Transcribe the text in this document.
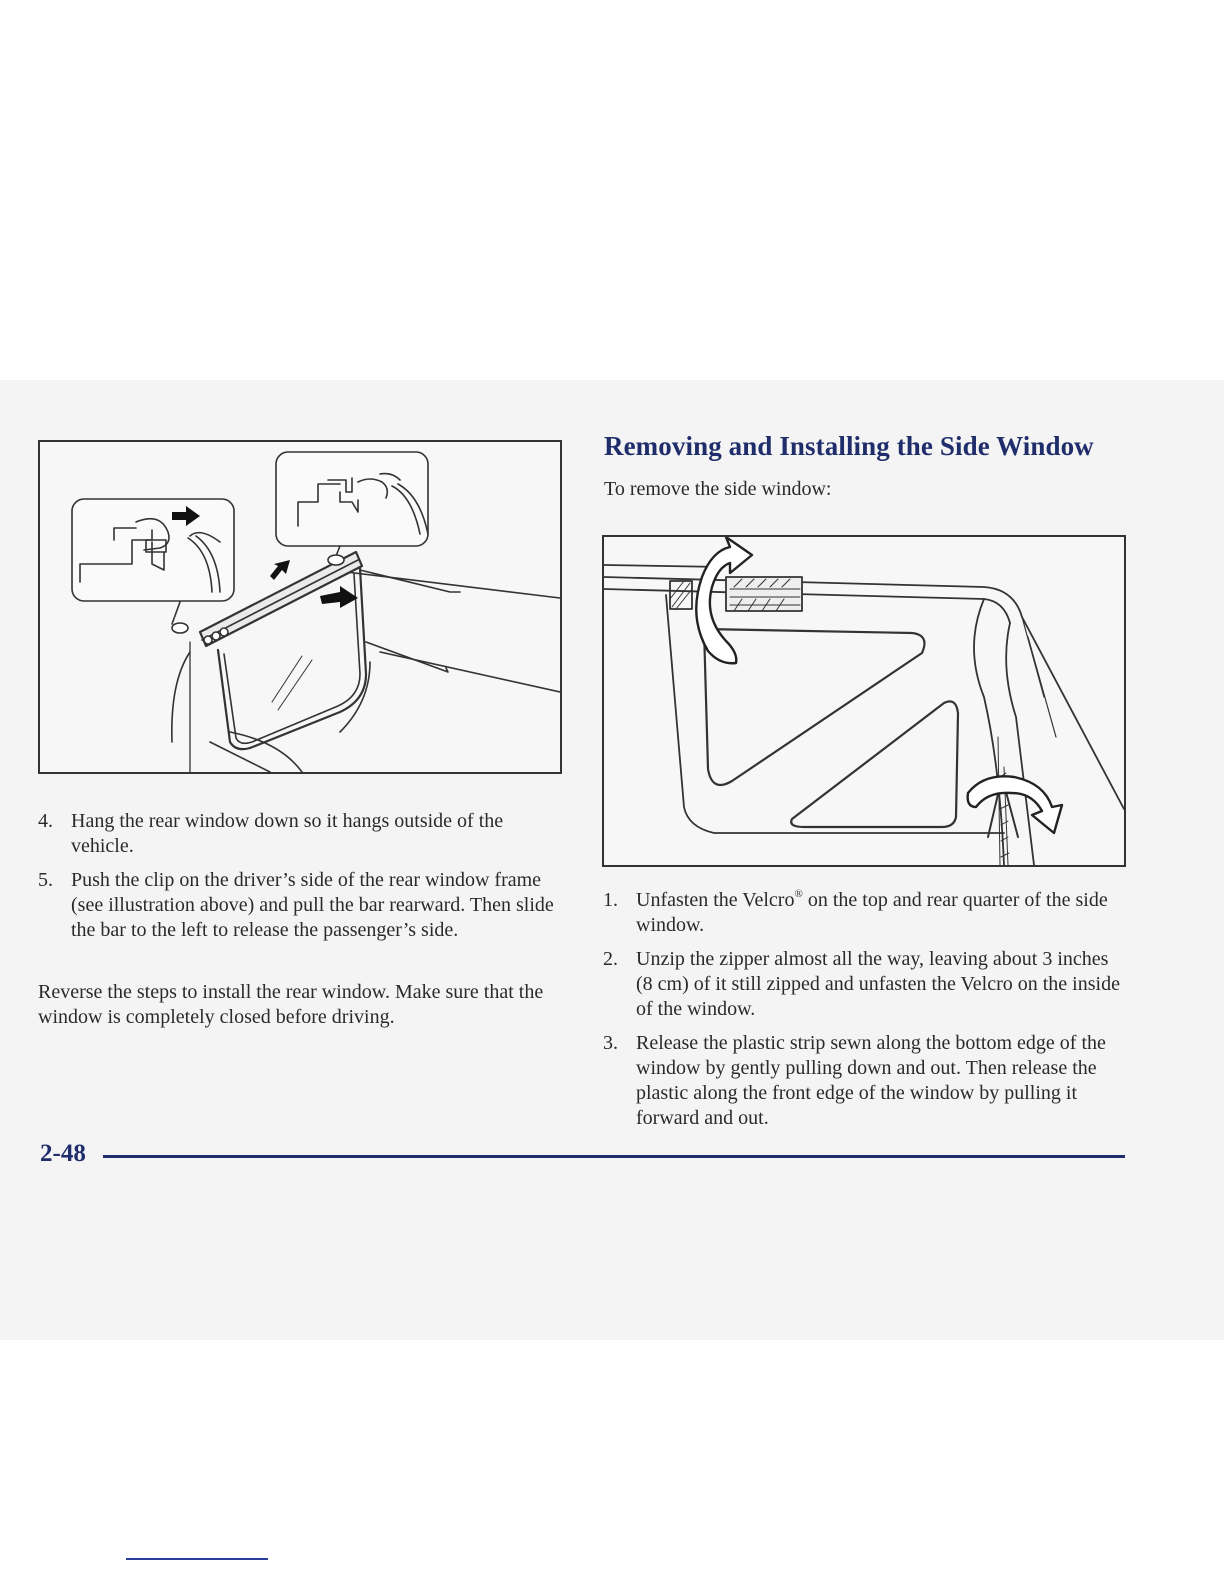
Removing and Installing the Side Window

To remove the side window:

4. Hang the rear window down so it hangs outside of the vehicle.
5. Push the clip on the driver’s side of the rear window frame (see illustration above) and pull the bar rearward. Then slide the bar to the left to release the passenger’s side.

Reverse the steps to install the rear window. Make sure that the window is completely closed before driving.

1. Unfasten the Velcro® on the top and rear quarter of the side window.
2. Unzip the zipper almost all the way, leaving about 3 inches (8 cm) of it still zipped and unfasten the Velcro on the inside of the window.
3. Release the plastic strip sewn along the bottom edge of the window by gently pulling down and out. Then release the plastic along the front edge of the window by pulling it forward and out.
2-48
